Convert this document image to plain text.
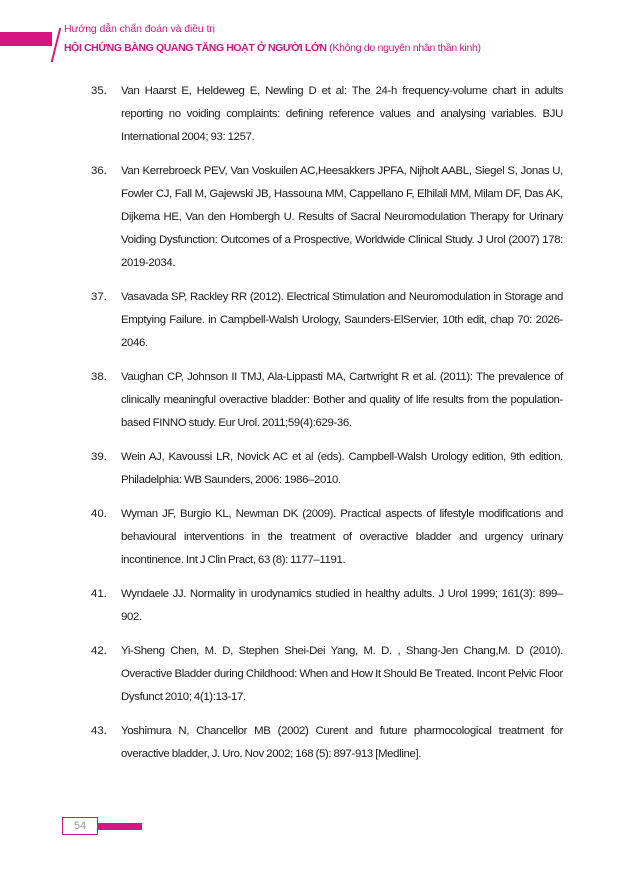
Hướng dẫn chẩn đoán và điều trị
HỘI CHỨNG BÀNG QUANG TĂNG HOẠT Ở NGƯỜI LỚN (Không do nguyên nhân thần kinh)
35.	Van Haarst E, Heldeweg E, Newling D et al: The 24-h frequency-volume chart in adults reporting no voiding complaints: defining reference values and analysing variables. BJU International 2004; 93: 1257.
36.	Van Kerrebroeck PEV, Van Voskuilen AC,Heesakkers JPFA, Nijholt AABL, Siegel S, Jonas U, Fowler CJ, Fall M, Gajewski JB, Hassouna MM, Cappellano F, Elhilali MM, Milam DF, Das AK, Dijkema HE, Van den Hombergh U. Results of Sacral Neuromodulation Therapy for Urinary Voiding Dysfunction: Outcomes of a Prospective, Worldwide Clinical Study. J Urol (2007) 178: 2019-2034.
37.	Vasavada SP, Rackley RR (2012). Electrical Stimulation and Neuromodulation in Storage and Emptying Failure. in Campbell-Walsh Urology, Saunders-ElServier, 10th edit, chap 70: 2026-2046.
38.	Vaughan CP, Johnson II TMJ, Ala-Lippasti MA, Cartwright R et al. (2011): The prevalence of clinically meaningful overactive bladder: Bother and quality of life results from the population-based FINNO study. Eur Urol. 2011;59(4):629-36.
39.	Wein AJ, Kavoussi LR, Novick AC et al (eds). Campbell-Walsh Urology edition, 9th edition. Philadelphia: WB Saunders, 2006: 1986–2010.
40.	Wyman JF, Burgio KL, Newman DK (2009). Practical aspects of lifestyle modifications and behavioural interventions in the treatment of overactive bladder and urgency urinary incontinence. Int J Clin Pract, 63 (8): 1177–1191.
41.	Wyndaele JJ. Normality in urodynamics studied in healthy adults. J Urol 1999; 161(3): 899–902.
42.	Yi-Sheng Chen, M. D, Stephen Shei-Dei Yang, M. D. , Shang-Jen Chang,M. D (2010). Overactive Bladder during Childhood: When and How It Should Be Treated. Incont Pelvic Floor Dysfunct 2010; 4(1):13-17.
43.	Yoshimura N, Chancellor MB (2002) Curent and future pharmocological treatment for overactive bladder, J. Uro. Nov 2002; 168 (5): 897-913 [Medline].
54
